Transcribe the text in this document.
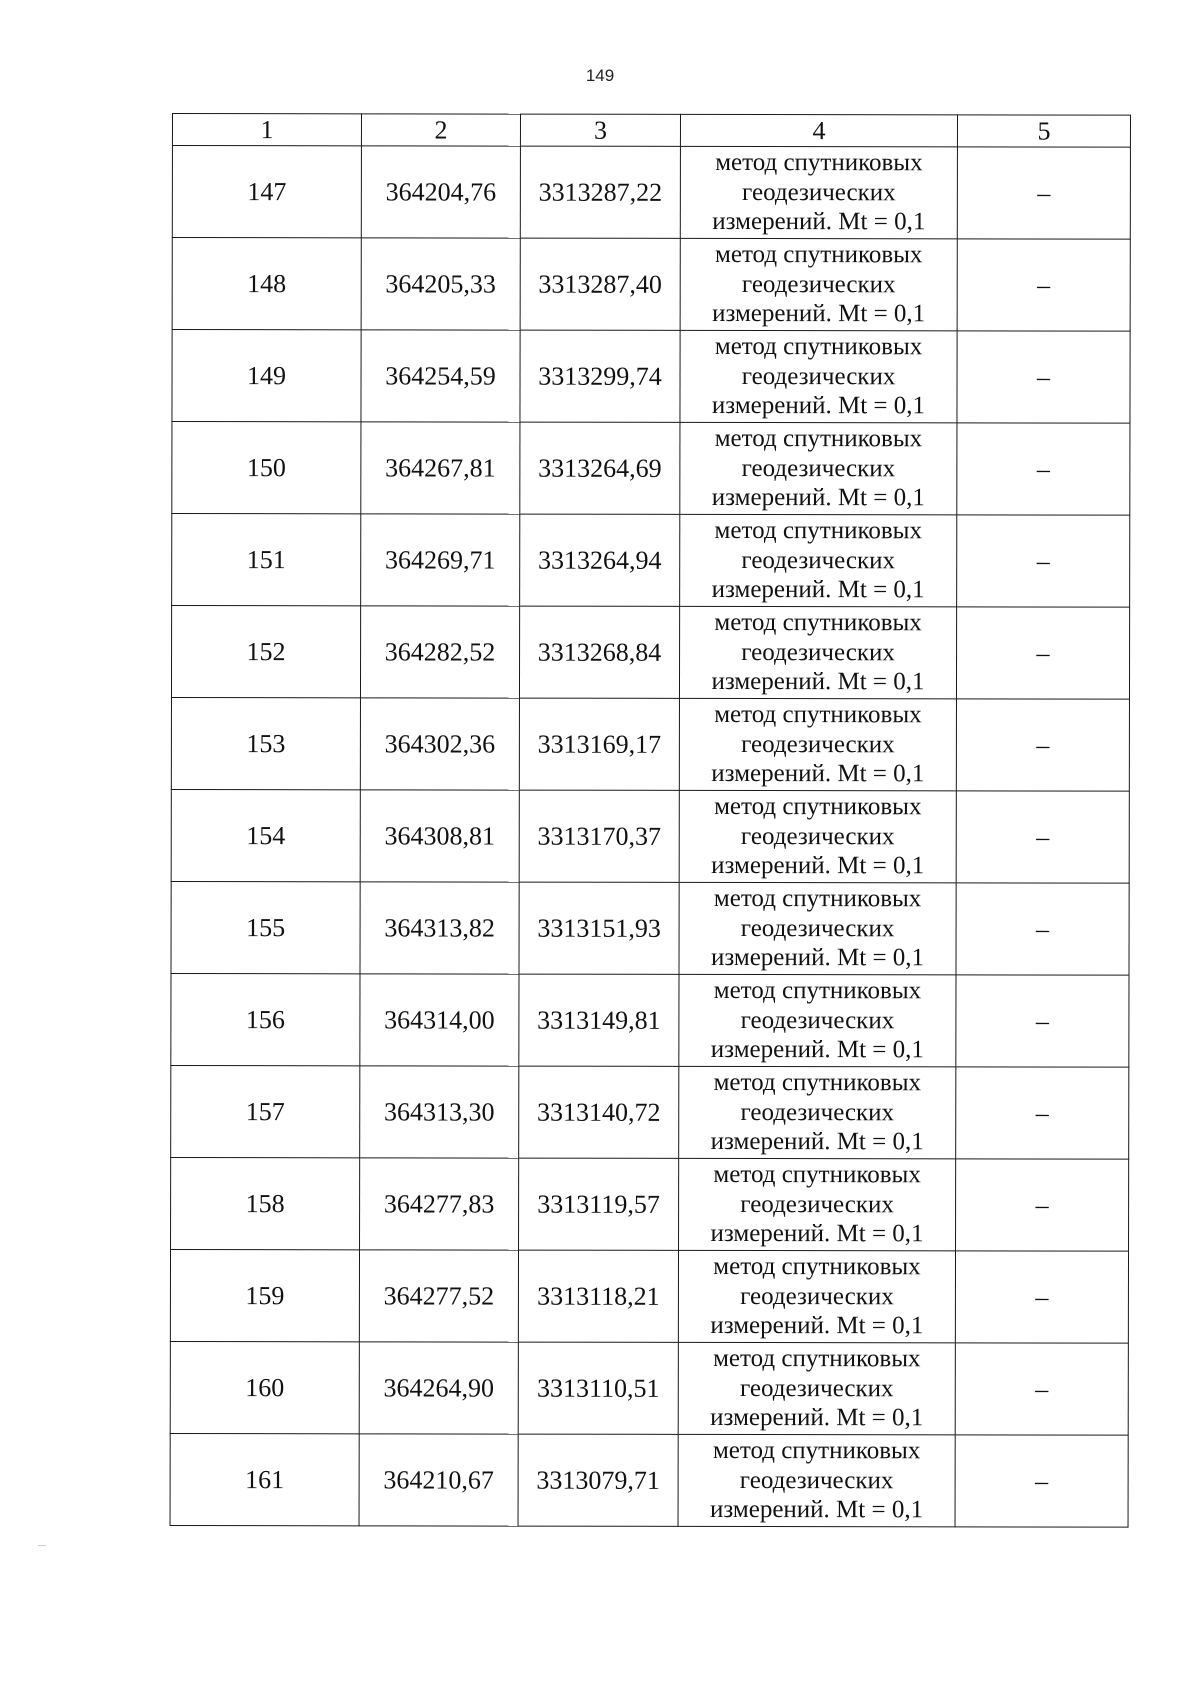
149
1	2	3	4	5
147	364204,76	3313287,22	метод спутниковых
геодезических
измерений. Mt = 0,1	–
148	364205,33	3313287,40	метод спутниковых
геодезических
измерений. Mt = 0,1	–
149	364254,59	3313299,74	метод спутниковых
геодезических
измерений. Mt = 0,1	–
150	364267,81	3313264,69	метод спутниковых
геодезических
измерений. Mt = 0,1	–
151	364269,71	3313264,94	метод спутниковых
геодезических
измерений. Mt = 0,1	–
152	364282,52	3313268,84	метод спутниковых
геодезических
измерений. Mt = 0,1	–
153	364302,36	3313169,17	метод спутниковых
геодезических
измерений. Mt = 0,1	–
154	364308,81	3313170,37	метод спутниковых
геодезических
измерений. Mt = 0,1	–
155	364313,82	3313151,93	метод спутниковых
геодезических
измерений. Mt = 0,1	–
156	364314,00	3313149,81	метод спутниковых
геодезических
измерений. Mt = 0,1	–
157	364313,30	3313140,72	метод спутниковых
геодезических
измерений. Mt = 0,1	–
158	364277,83	3313119,57	метод спутниковых
геодезических
измерений. Mt = 0,1	–
159	364277,52	3313118,21	метод спутниковых
геодезических
измерений. Mt = 0,1	–
160	364264,90	3313110,51	метод спутниковых
геодезических
измерений. Mt = 0,1	–
161	364210,67	3313079,71	метод спутниковых
геодезических
измерений. Mt = 0,1	–
